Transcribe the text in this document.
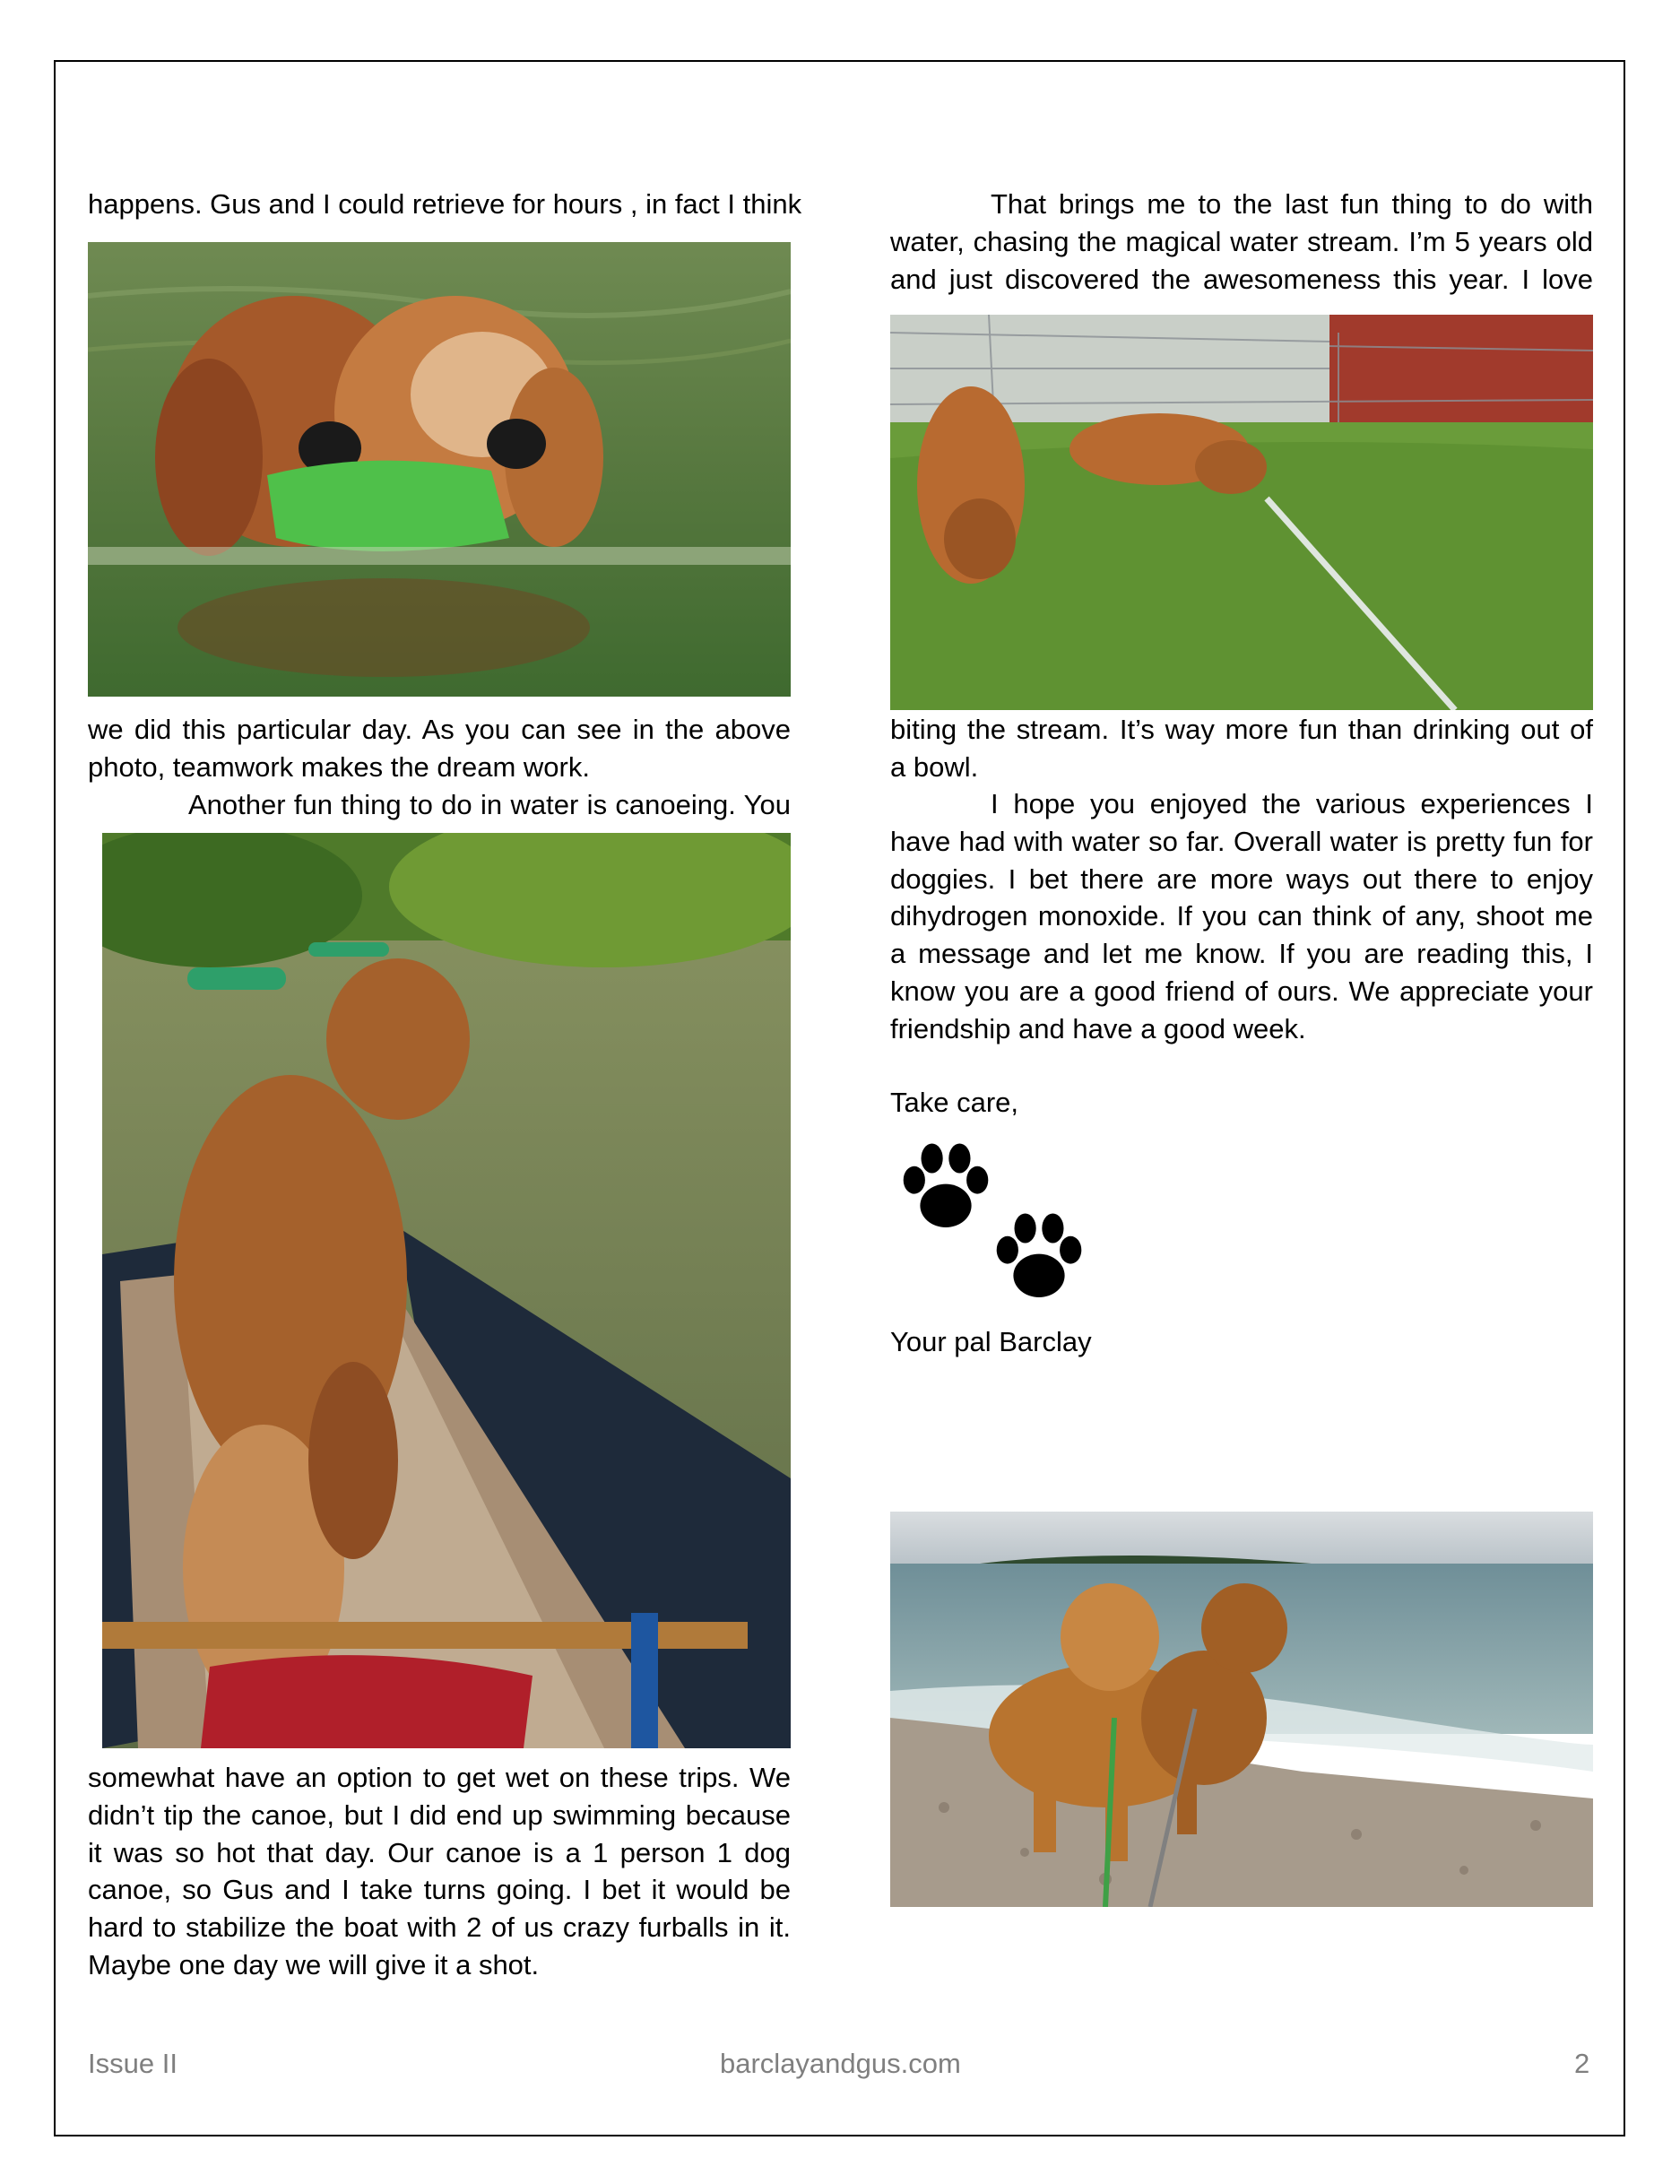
happens. Gus and I could retrieve for hours , in fact I think

we did this particular day. As you can see in the above
photo, teamwork makes the dream work.
Another fun thing to do in water is canoeing. You

somewhat have an option to get wet on these trips. We
didn’t tip the canoe, but I did end up swimming because
it was so hot that day. Our canoe is a 1 person 1 dog
canoe, so Gus and I take turns going. I bet it would be
hard to stabilize the boat with 2 of us crazy furballs in it.
Maybe one day we will give it a shot.

That brings me to the last fun thing to do with
water, chasing the magical water stream. I’m 5 years old
and just discovered the awesomeness this year. I love

biting the stream. It’s way more fun than drinking out of
a bowl.

I hope you enjoyed the various experiences I
have had with water so far. Overall water is pretty fun for
doggies. I bet there are more ways out there to enjoy
dihydrogen monoxide. If you can think of any, shoot me
a message and let me know. If you are reading this, I
know you are a good friend of ours. We appreciate your
friendship and have a good week.

Take care,

Your pal Barclay

Issue II	barclayandgus.com	2
